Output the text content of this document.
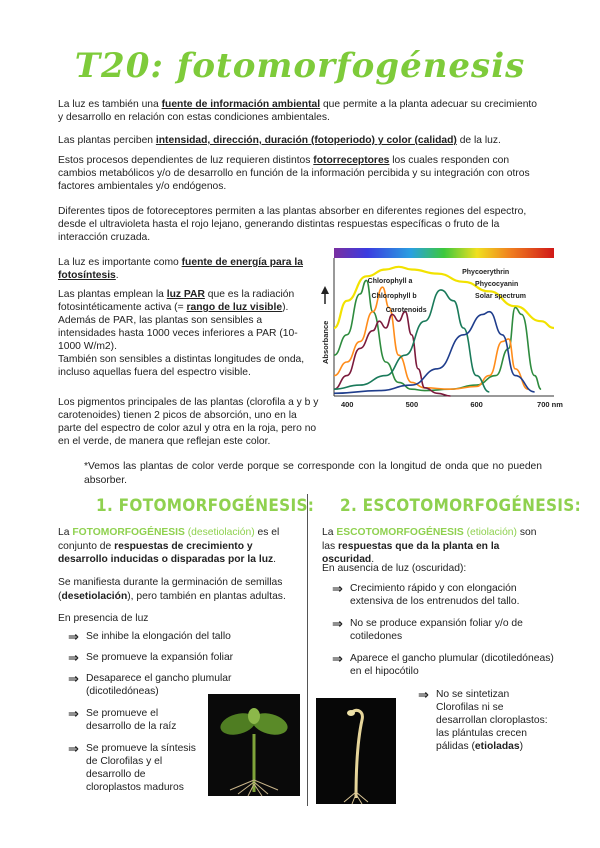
T20: fotomorfogénesis
La luz es también una fuente de información ambiental que permite a la planta adecuar su crecimiento y desarrollo en relación con estas condiciones ambientales.
Las plantas perciben intensidad, dirección, duración (fotoperiodo) y color (calidad) de la luz.
Estos procesos dependientes de luz requieren distintos fotorreceptores los cuales responden con cambios metabólicos y/o de desarrollo en función de la información percibida y su integración con otros factores ambientales y/o endógenos.
Diferentes tipos de fotoreceptores permiten a las plantas absorber en diferentes regiones del espectro, desde el ultravioleta hasta el rojo lejano, generando distintas respuestas específicas o fruto de la interacción cruzada.
La luz es importante como fuente de energía para la fotosíntesis.
Las plantas emplean la luz PAR que es la radiación fotosintéticamente activa (= rango de luz visible). Además de PAR, las plantas son sensibles a intensidades hasta 1000 veces inferiores a PAR (10- 1000 W/m2).
También son sensibles a distintas longitudes de onda, incluso aquellas fuera del espectro visible.
Absorbance
400	500	600	700 nm
Chlorophyll a
Chlorophyll b
Carotenoids
Phycoerythrin
Phycocyanin
Solar spectrum
Los pigmentos principales de las plantas (clorofila a y b y carotenoides) tienen 2 picos de absorción, uno en la parte del espectro de color azul y otra en la roja, pero no en el verde, de manera que reflejan este color.
*Vemos las plantas de color verde porque se corresponde con la longitud de onda que no pueden absorber.
1. FOTOMORFOGÉNESIS:
La FOTOMORFOGÉNESIS (desetiolación) es el conjunto de respuestas de crecimiento y desarrollo inducidas o disparadas por la luz.
Se manifiesta durante la germinación de semillas (desetiolación), pero también en plantas adultas.
En presencia de luz
⇒ Se inhibe la elongación del tallo
⇒ Se promueve la expansión foliar
⇒ Desaparece el gancho plumular (dicotiledóneas)
⇒ Se promueve el desarrollo de la raíz
⇒ Se promueve la síntesis de Clorofilas y el desarrollo de cloroplastos maduros
2. ESCOTOMORFOGÉNESIS:
La ESCOTOMORFOGÉNESIS (etiolación) son las respuestas que da la planta en la oscuridad.
En ausencia de luz (oscuridad):
⇒ Crecimiento rápido y con elongación extensiva de los entrenudos del tallo.
⇒ No se produce expansión foliar y/o de cotiledones
⇒ Aparece el gancho plumular (dicotiledóneas) en el hipocótilo
⇒ No se sintetizan Clorofilas ni se desarrollan cloroplastos: las plántulas crecen pálidas (etioladas)
